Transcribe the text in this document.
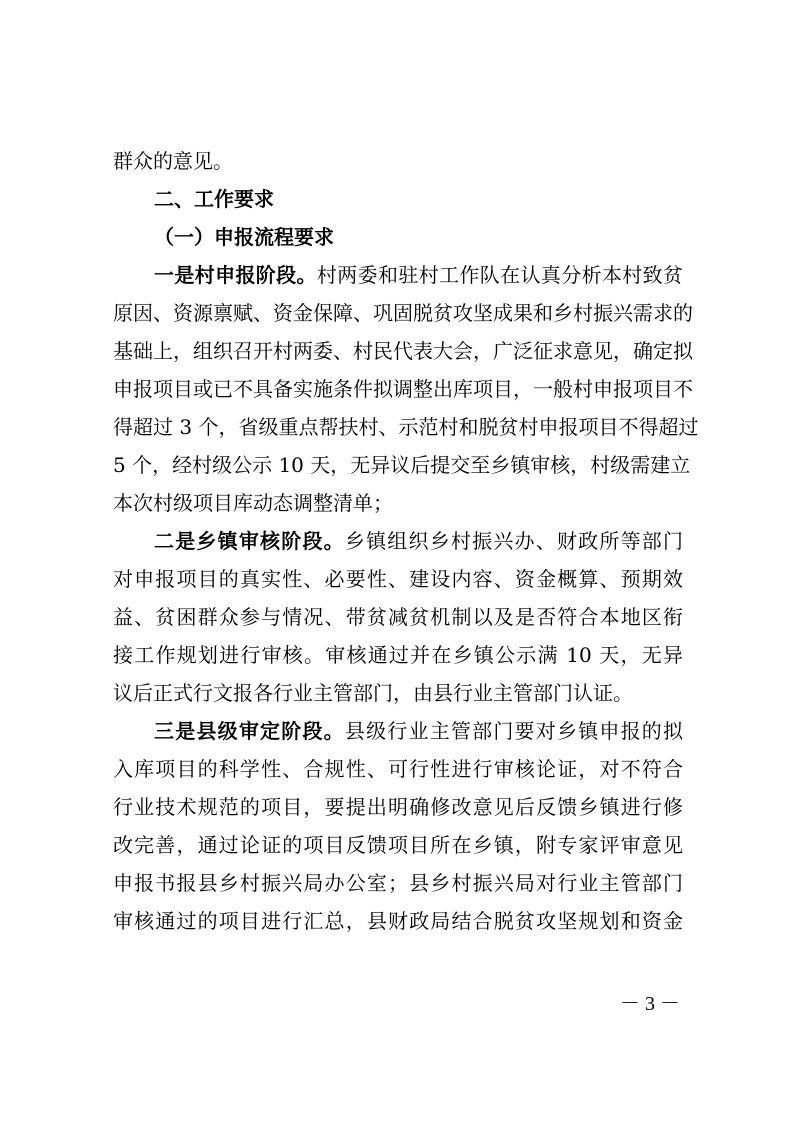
群众的意见。
二、工作要求
（一）申报流程要求
一是村申报阶段。村两委和驻村工作队在认真分析本村致贫
原因、资源禀赋、资金保障、巩固脱贫攻坚成果和乡村振兴需求的
基础上，组织召开村两委、村民代表大会，广泛征求意见，确定拟
申报项目或已不具备实施条件拟调整出库项目，一般村申报项目不
得超过 3 个，省级重点帮扶村、示范村和脱贫村申报项目不得超过
5 个，经村级公示 10 天，无异议后提交至乡镇审核，村级需建立
本次村级项目库动态调整清单；
二是乡镇审核阶段。乡镇组织乡村振兴办、财政所等部门
对申报项目的真实性、必要性、建设内容、资金概算、预期效
益、贫困群众参与情况、带贫减贫机制以及是否符合本地区衔
接工作规划进行审核。审核通过并在乡镇公示满 10 天，无异
议后正式行文报各行业主管部门，由县行业主管部门认证。
三是县级审定阶段。县级行业主管部门要对乡镇申报的拟
入库项目的科学性、合规性、可行性进行审核论证，对不符合
行业技术规范的项目，要提出明确修改意见后反馈乡镇进行修
改完善，通过论证的项目反馈项目所在乡镇，附专家评审意见
申报书报县乡村振兴局办公室；县乡村振兴局对行业主管部门
审核通过的项目进行汇总，县财政局结合脱贫攻坚规划和资金
－ 3 －
